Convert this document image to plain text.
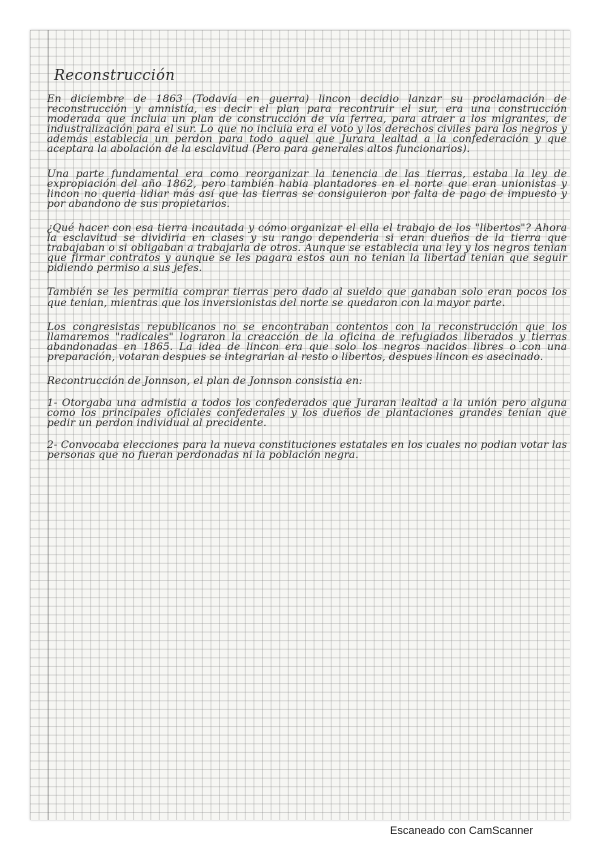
Reconstrucción

En diciembre de 1863 (Todavía en guerra) lincon decidio lanzar su proclamación de reconstrucción y amnistía, es decir el plan para recontruir el sur, era una construcción moderada que incluia un plan de construcción de vía ferrea, para atraer a los migrantes, de industralización para el sur. Lo que no incluia era el voto y los derechos civiles para los negros y además establecia un perdon para todo aquel que Jurara lealtad a la confederación y que aceptara la abolación de la esclavitud (Pero para generales altos funcionarios).

Una parte fundamental era como reorganizar la tenencia de las tierras, estaba la ley de expropiación del año 1862, pero también habia plantadores en el norte que eran unionistas y lincon no queria lidiar más así que las tierras se consiguieron por falta de pago de impuesto y por abandono de sus propietarios.

¿Qué hacer con esa tierra incautada y cómo organizar el ella el trabajo de los "libertos"? Ahora la esclavitud se dividiria en clases y su rango dependeria si eran dueños de la tierra que trabajaban o si obligaban a trabajarla de otros. Aunque se establecia una ley y los negros tenian que firmar contratos y aunque se les pagara estos aun no tenian la libertad tenian que seguir pidiendo permiso a sus jefes.

También se les permitia comprar tierras pero dado al sueldo que ganaban solo eran pocos los que tenian, mientras que los inversionistas del norte se quedaron con la mayor parte.

Los congresistas republicanos no se encontraban contentos con la reconstrucción que los llamaremos "radicales" lograron la creacción de la oficina de refugiados liberados y tierras abandonadas en 1865. La idea de lincon era que solo los negros nacidos libres o con una preparación, votaran despues se integrarian al resto o libertos, despues lincon es asecinado.

Recontrucción de Jonnson, el plan de Jonnson consistia en:

1- Otorgaba una admistia a todos los confederados que Juraran lealtad a la unión pero alguna como los principales oficiales confederales y los dueños de plantaciones grandes tenian que pedir un perdon individual al precidente.

2- Convocaba elecciones para la nueva constituciones estatales en los cuales no podian votar las personas que no fueran perdonadas ni la población negra.

Escaneado con CamScanner
